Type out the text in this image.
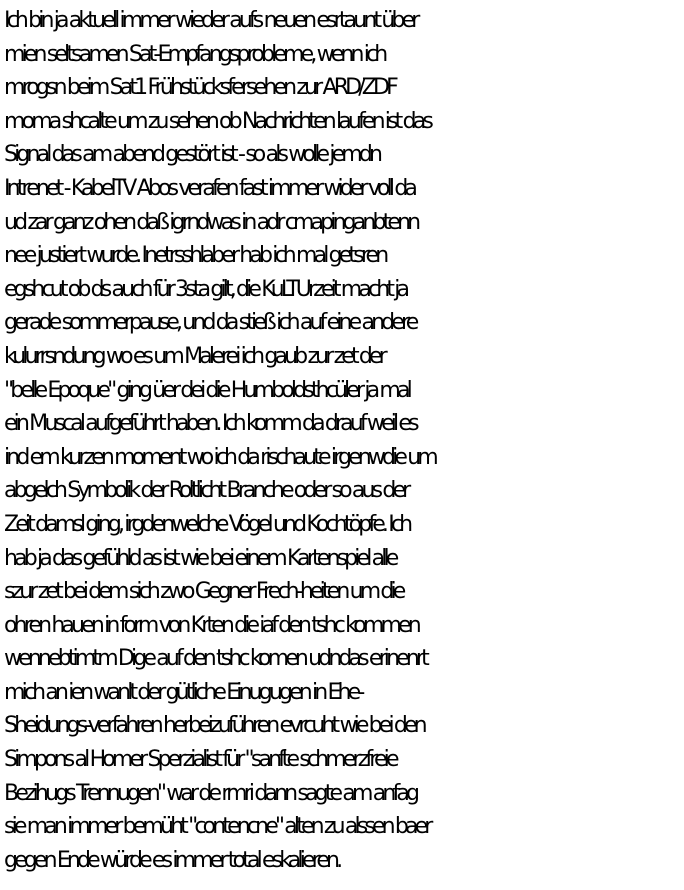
Ich bin ja aktuell immer wieder aufs neuen esrtaunt über
mien seltsamen Sat-Empfangsprobleme, wenn ich
mrogsn beim Sat1 Frühstücksfersehen zur ARD/ZDF
moma shcalte um zu sehen ob Nachrichten laufen ist das
Signal das am abend gestört ist - so als wolle jemdn
Intrenet - KabelTV Abos verafen fast immer wider voll da
ud zar ganz ohen daß igrndwas in adr cmapinganbtenn
nee justiert wurde. Inetrsshlaber hab ich mal getsren
egshcut ob ds auch für 3sta gilt, die KuLTUrzeit macht ja
gerade sommerpause, und da stieß ich auf eine andere
kulurrsndung wo es um Malerei ich gaub zur zet der
"belle Epoque" ging üer dei die Humboldsthcüler ja mal
ein Muscal aufgeführt haben. Ich komm da drauf weil es
ind em kurzen moment wo ich da rischaute irgenwdie um
abgelch Symbolik der Roltlicht Branche oder so aus der
Zeit damsl ging, irgdenwelche Vögel und Kochtöpfe. Ich
hab ja das gefühld as ist wie bei einem Kartenspiel alle
szur zet bei dem sich zwo Gegner Frech-heiten um die
ohren hauen in form von Krten die iaf den tshc kommen
wennebtimtm Dige auf den tshc komen udndas erinenrt
mich an ien wanlt der gütliche Einugugen in Ehe-
Sheidungs-verfahren herbeizuführen evrcuht wie bei den
Simpons al Homer Sperzialist für "sanfte schmerzfreie
Bezihugs Trennugen" war de rmri dann sagte am anfag
sie man immer bemüht "contencne" alten zu alssen baer
gegen Ende würde es immer total eskalieren.
